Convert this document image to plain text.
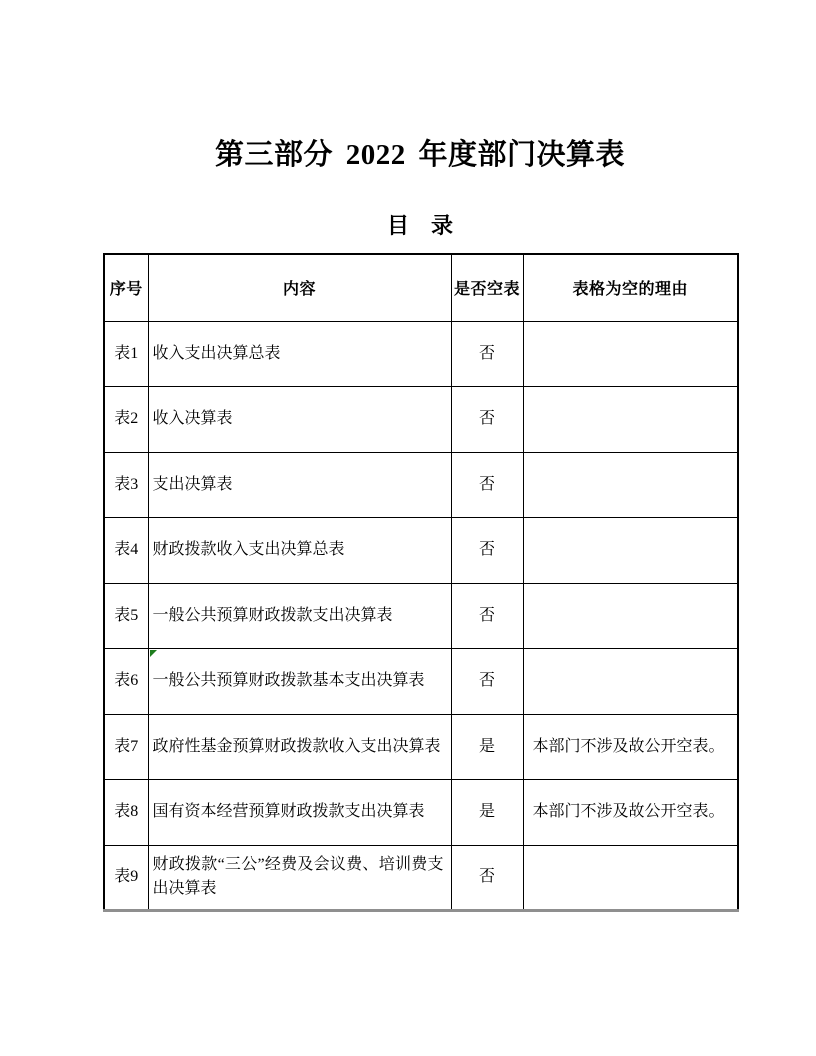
第三部分 2022 年度部门决算表
目　录
序号	内容	是否空表	表格为空的理由
表1	收入支出决算总表	否	
表2	收入决算表	否	
表3	支出决算表	否	
表4	财政拨款收入支出决算总表	否	
表5	一般公共预算财政拨款支出决算表	否	
表6	一般公共预算财政拨款基本支出决算表	否	
表7	政府性基金预算财政拨款收入支出决算表	是	本部门不涉及故公开空表。
表8	国有资本经营预算财政拨款支出决算表	是	本部门不涉及故公开空表。
表9	财政拨款“三公”经费及会议费、培训费支出决算表	否	
